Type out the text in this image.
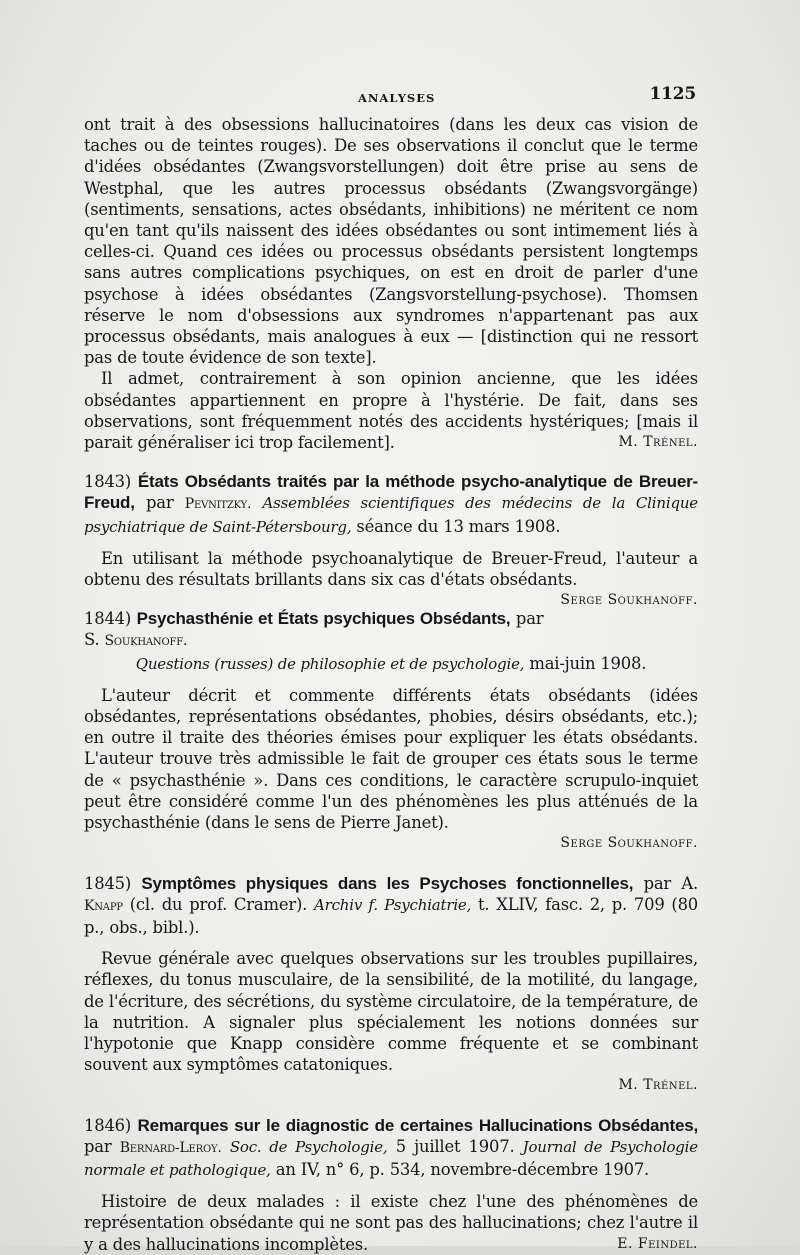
ANALYSES	1125

ont trait à des obsessions hallucinatoires (dans les deux cas vision de taches ou de teintes rouges). De ses observations il conclut que le terme d'idées obsédantes (Zwangsvorstellungen) doit être prise au sens de Westphal, que les autres processus obsédants (Zwangsvorgänge) (sentiments, sensations, actes obsédants, inhibitions) ne méritent ce nom qu'en tant qu'ils naissent des idées obsédantes ou sont intimement liés à celles-ci. Quand ces idées ou processus obsédants persistent longtemps sans autres complications psychiques, on est en droit de parler d'une psychose à idées obsédantes (Zangsvorstellung-psychose). Thomsen réserve le nom d'obsessions aux syndromes n'appartenant pas aux processus obsédants, mais analogues à eux — [distinction qui ne ressort pas de toute évidence de son texte].

Il admet, contrairement à son opinion ancienne, que les idées obsédantes appartiennent en propre à l'hystérie. De fait, dans ses observations, sont fréquemment notés des accidents hystériques; [mais il parait généraliser ici trop facilement].	M. Trénel.

1843) États Obsédants traités par la méthode psycho-analytique de Breuer-Freud, par Pevnitzky. Assemblées scientifiques des médecins de la Clinique psychiatrique de Saint-Pétersbourg, séance du 13 mars 1908.

En utilisant la méthode psychoanalytique de Breuer-Freud, l'auteur a obtenu des résultats brillants dans six cas d'états obsédants.
Serge Soukhanoff.

1844) Psychasthénie et États psychiques Obsédants, par S. Soukhanoff.

Questions (russes) de philosophie et de psychologie, mai-juin 1908.

L'auteur décrit et commente différents états obsédants (idées obsédantes, représentations obsédantes, phobies, désirs obsédants, etc.); en outre il traite des théories émises pour expliquer les états obsédants. L'auteur trouve très admissible le fait de grouper ces états sous le terme de « psychasthénie ». Dans ces conditions, le caractère scrupulo-inquiet peut être considéré comme l'un des phénomènes les plus atténués de la psychasthénie (dans le sens de Pierre Janet).

Serge Soukhanoff.

1845) Symptômes physiques dans les Psychoses fonctionnelles, par A. Knapp (cl. du prof. Cramer). Archiv f. Psychiatrie, t. XLIV, fasc. 2, p. 709 (80 p., obs., bibl.).

Revue générale avec quelques observations sur les troubles pupillaires, réflexes, du tonus musculaire, de la sensibilité, de la motilité, du langage, de l'écriture, des sécrétions, du système circulatoire, de la température, de la nutrition. A signaler plus spécialement les notions données sur l'hypotonie que Knapp considère comme fréquente et se combinant souvent aux symptômes catatoniques.

M. Trénel.

1846) Remarques sur le diagnostic de certaines Hallucinations Obsédantes, par Bernard-Leroy. Soc. de Psychologie, 5 juillet 1907. Journal de Psychologie normale et pathologique, an IV, n° 6, p. 534, novembre-décembre 1907.

Histoire de deux malades : il existe chez l'une des phénomènes de représentation obsédante qui ne sont pas des hallucinations; chez l'autre il y a des hallucinations incomplètes.	E. Feindel.
